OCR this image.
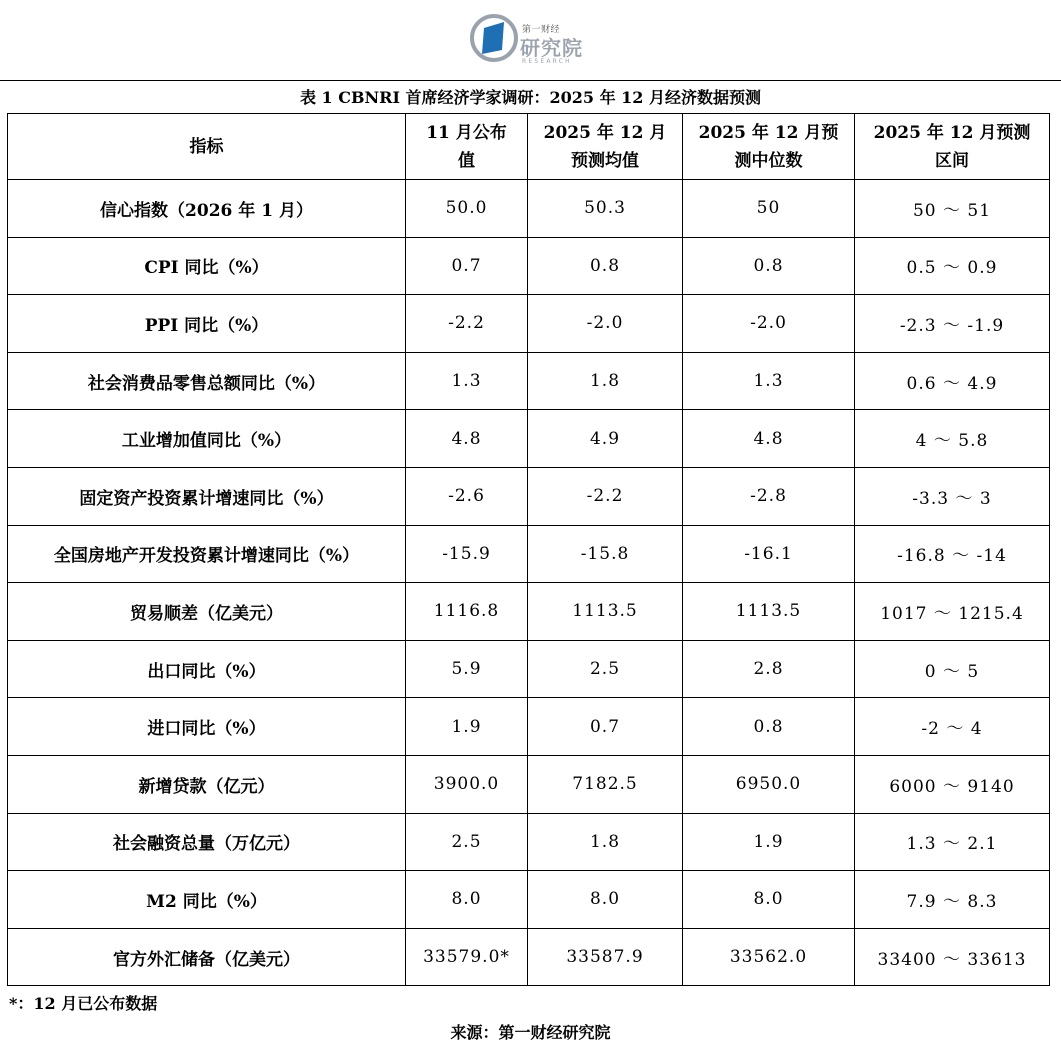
第一财经
研究院
RESEARCH
表 1 CBNRI 首席经济学家调研：2025 年 12 月经济数据预测
指标	11 月公布值	2025 年 12 月预测均值	2025 年 12 月预测中位数	2025 年 12 月预测区间

信心指数（2026 年 1 月）	50.0	50.3	50	50 ～ 51
CPI 同比（%）	0.7	0.8	0.8	0.5 ～ 0.9
PPI 同比（%）	-2.2	-2.0	-2.0	-2.3 ～ -1.9
社会消费品零售总额同比（%）	1.3	1.8	1.3	0.6 ～ 4.9
工业增加值同比（%）	4.8	4.9	4.8	4 ～ 5.8
固定资产投资累计增速同比（%）	-2.6	-2.2	-2.8	-3.3 ～ 3
全国房地产开发投资累计增速同比（%）	-15.9	-15.8	-16.1	-16.8 ～ -14
贸易顺差（亿美元）	1116.8	1113.5	1113.5	1017 ～ 1215.4
出口同比（%）	5.9	2.5	2.8	0 ～ 5
进口同比（%）	1.9	0.7	0.8	-2 ～ 4
新增贷款（亿元）	3900.0	7182.5	6950.0	6000 ～ 9140
社会融资总量（万亿元）	2.5	1.8	1.9	1.3 ～ 2.1
M2 同比（%）	8.0	8.0	8.0	7.9 ～ 8.3
官方外汇储备（亿美元）	33579.0*	33587.9	33562.0	33400 ～ 33613
*：12 月已公布数据
来源：第一财经研究院
